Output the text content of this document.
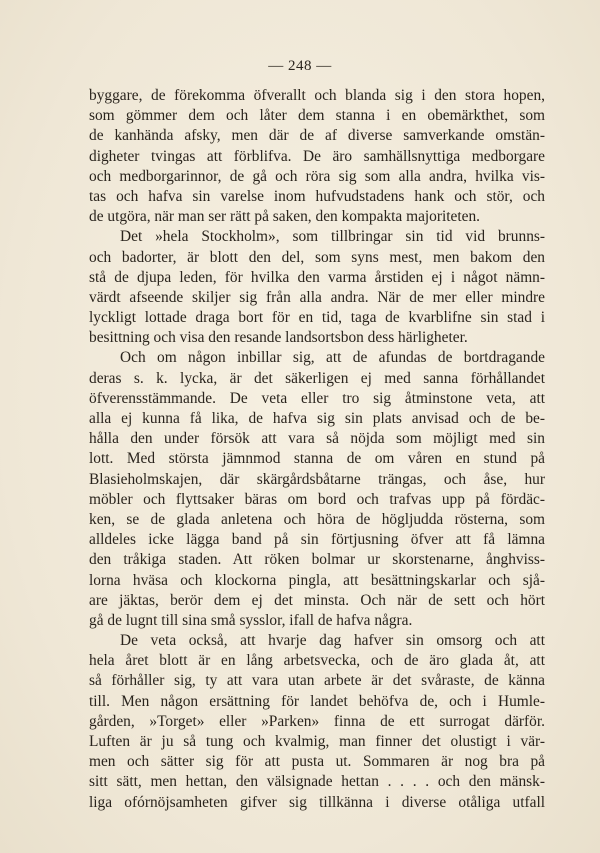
— 248 —
byggare, de förekomma öfverallt och blanda sig i den stora hopen,
som gömmer dem och låter dem stanna i en obemärkthet, som
de kanhända afsky, men där de af diverse samverkande omstän-
digheter tvingas att förblifva. De äro samhällsnyttiga medborgare
och medborgarinnor, de gå och röra sig som alla andra, hvilka vis-
tas och hafva sin varelse inom hufvudstadens hank och stör, och
de utgöra, när man ser rätt på saken, den kompakta majoriteten.
Det »hela Stockholm», som tillbringar sin tid vid brunns-
och badorter, är blott den del, som syns mest, men bakom den
stå de djupa leden, för hvilka den varma årstiden ej i något nämn-
värdt afseende skiljer sig från alla andra. När de mer eller mindre
lyckligt lottade draga bort för en tid, taga de kvarblifne sin stad i
besittning och visa den resande landsortsbon dess härligheter.
Och om någon inbillar sig, att de afundas de bortdragande
deras s. k. lycka, är det säkerligen ej med sanna förhållandet
öfverensstämmande. De veta eller tro sig åtminstone veta, att
alla ej kunna få lika, de hafva sig sin plats anvisad och de be-
hålla den under försök att vara så nöjda som möjligt med sin
lott. Med största jämnmod stanna de om våren en stund på
Blasieholmskajen, där skärgårdsbåtarne trängas, och åse, hur
möbler och flyttsaker bäras om bord och trafvas upp på fördäc-
ken, se de glada anletena och höra de högljudda rösterna, som
alldeles icke lägga band på sin förtjusning öfver att få lämna
den tråkiga staden. Att röken bolmar ur skorstenarne, ånghviss-
lorna hväsa och klockorna pingla, att besättningskarlar och sjå-
are jäktas, berör dem ej det minsta. Och när de sett och hört
gå de lugnt till sina små sysslor, ifall de hafva några.
De veta också, att hvarje dag hafver sin omsorg och att
hela året blott är en lång arbetsvecka, och de äro glada åt, att
så förhåller sig, ty att vara utan arbete är det svåraste, de känna
till. Men någon ersättning för landet behöfva de, och i Humle-
gården, »Torget» eller »Parken» finna de ett surrogat därför.
Luften är ju så tung och kvalmig, man finner det olustigt i vär-
men och sätter sig för att pusta ut. Sommaren är nog bra på
sitt sätt, men hettan, den välsignade hettan . . . . och den mänsk-
liga ofórnöjsamheten gifver sig tillkänna i diverse otåliga utfall
